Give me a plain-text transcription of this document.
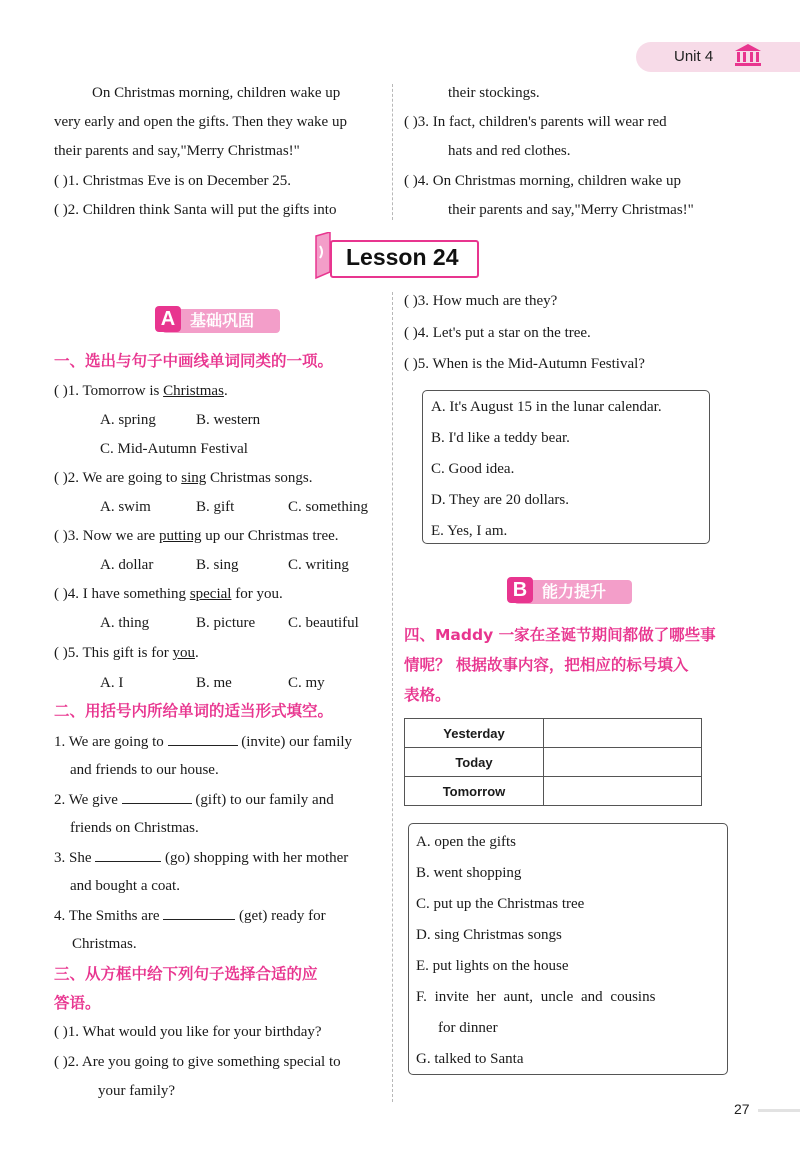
Unit 4
On Christmas morning, children wake up
very early and open the gifts. Then they wake up
their parents and say,"Merry Christmas!"
( )1. Christmas Eve is on December 25.
( )2. Children think Santa will put the gifts into
their stockings.
( )3. In fact, children's parents will wear red
hats and red clothes.
( )4. On Christmas morning, children wake up
their parents and say,"Merry Christmas!"
Lesson 24
A 基础巩固
一、选出与句子中画线单词同类的一项。
( )1. Tomorrow is Christmas.
A. spring	B. western
C. Mid-Autumn Festival
( )2. We are going to sing Christmas songs.
A. swim	B. gift	C. something
( )3. Now we are putting up our Christmas tree.
A. dollar	B. sing	C. writing
( )4. I have something special for you.
A. thing	B. picture C. beautiful
( )5. This gift is for you.
A. I	B. me	C. my
二、用括号内所给单词的适当形式填空。
1. We are going to	(invite) our family
and friends to our house.
2. We give	(gift) to our family and
friends on Christmas.
3. She	(go) shopping with her mother
and bought a coat.
4. The Smiths are	(get) ready for
Christmas.
三、从方框中给下列句子选择合适的应
答语。
( )1. What would you like for your birthday?
( )2. Are you going to give something special to
your family?
( )3. How much are they?
( )4. Let's put a star on the tree.
( )5. When is the Mid-Autumn Festival?
A. It's August 15 in the lunar calendar.
B. I'd like a teddy bear.
C. Good idea.
D. They are 20 dollars.
E. Yes, I am.
B 能力提升
四、Maddy 一家在圣诞节期间都做了哪些事
情呢？ 根据故事内容，把相应的标号填入
表格。
Yesterday	
Today	
Tomorrow	
A. open the gifts
B. went shopping
C. put up the Christmas tree
D. sing Christmas songs
E. put lights on the house
F. invite her aunt, uncle and cousins
for dinner
G. talked to Santa
27
